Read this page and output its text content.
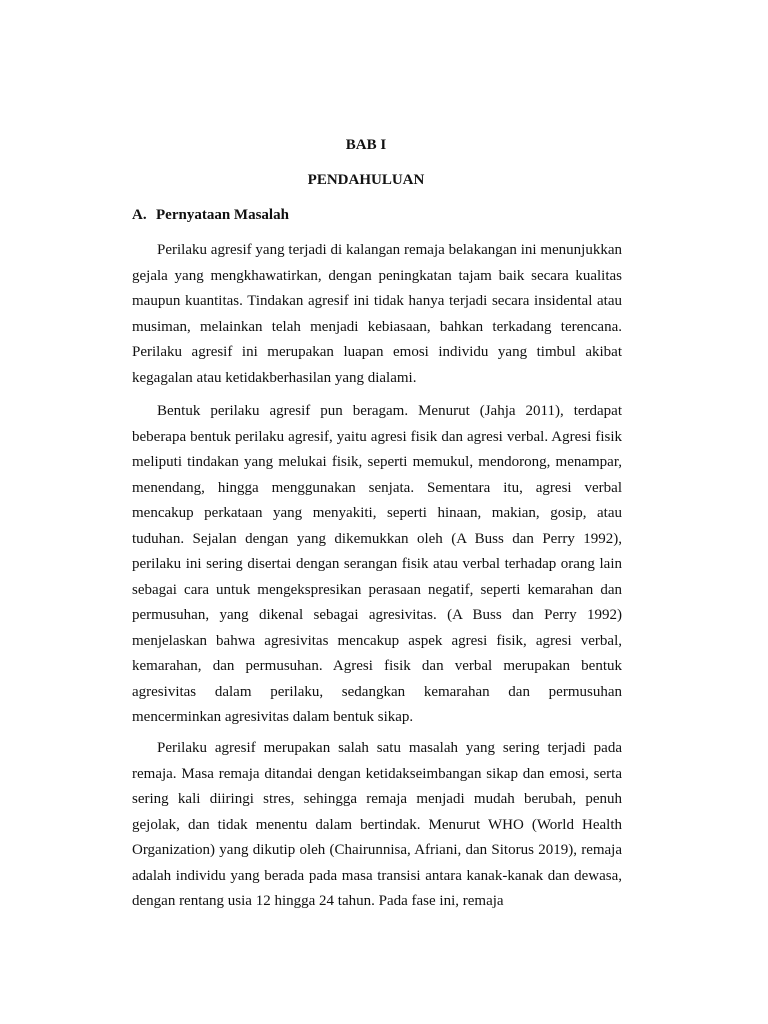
BAB I
PENDAHULUAN
A. Pernyataan Masalah

Perilaku agresif yang terjadi di kalangan remaja belakangan ini menunjukkan gejala yang mengkhawatirkan, dengan peningkatan tajam baik secara kualitas maupun kuantitas. Tindakan agresif ini tidak hanya terjadi secara insidental atau musiman, melainkan telah menjadi kebiasaan, bahkan terkadang terencana. Perilaku agresif ini merupakan luapan emosi individu yang timbul akibat kegagalan atau ketidakberhasilan yang dialami.

Bentuk perilaku agresif pun beragam. Menurut (Jahja 2011), terdapat beberapa bentuk perilaku agresif, yaitu agresi fisik dan agresi verbal. Agresi fisik meliputi tindakan yang melukai fisik, seperti memukul, mendorong, menampar, menendang, hingga menggunakan senjata. Sementara itu, agresi verbal mencakup perkataan yang menyakiti, seperti hinaan, makian, gosip, atau tuduhan. Sejalan dengan yang dikemukkan oleh (A Buss dan Perry 1992), perilaku ini sering disertai dengan serangan fisik atau verbal terhadap orang lain sebagai cara untuk mengekspresikan perasaan negatif, seperti kemarahan dan permusuhan, yang dikenal sebagai agresivitas. (A Buss dan Perry 1992) menjelaskan bahwa agresivitas mencakup aspek agresi fisik, agresi verbal, kemarahan, dan permusuhan. Agresi fisik dan verbal merupakan bentuk agresivitas dalam perilaku, sedangkan kemarahan dan permusuhan mencerminkan agresivitas dalam bentuk sikap.

Perilaku agresif merupakan salah satu masalah yang sering terjadi pada remaja. Masa remaja ditandai dengan ketidakseimbangan sikap dan emosi, serta sering kali diiringi stres, sehingga remaja menjadi mudah berubah, penuh gejolak, dan tidak menentu dalam bertindak. Menurut WHO (World Health Organization) yang dikutip oleh (Chairunnisa, Afriani, dan Sitorus 2019), remaja adalah individu yang berada pada masa transisi antara kanak-kanak dan dewasa, dengan rentang usia 12 hingga 24 tahun. Pada fase ini, remaja
